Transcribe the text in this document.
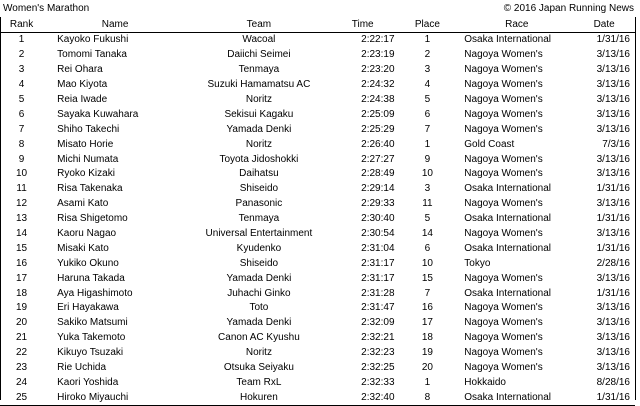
Women's Marathon	© 2016 Japan Running News
Rank	Name	Team	Time	Place	Race	Date
1	Kayoko Fukushi	Wacoal	2:22:17	1	Osaka International	1/31/16
2	Tomomi Tanaka	Daiichi Seimei	2:23:19	2	Nagoya Women's	3/13/16
3	Rei Ohara	Tenmaya	2:23:20	3	Nagoya Women's	3/13/16
4	Mao Kiyota	Suzuki Hamamatsu AC	2:24:32	4	Nagoya Women's	3/13/16
5	Reia Iwade	Noritz	2:24:38	5	Nagoya Women's	3/13/16
6	Sayaka Kuwahara	Sekisui Kagaku	2:25:09	6	Nagoya Women's	3/13/16
7	Shiho Takechi	Yamada Denki	2:25:29	7	Nagoya Women's	3/13/16
8	Misato Horie	Noritz	2:26:40	1	Gold Coast	7/3/16
9	Michi Numata	Toyota Jidoshokki	2:27:27	9	Nagoya Women's	3/13/16
10	Ryoko Kizaki	Daihatsu	2:28:49	10	Nagoya Women's	3/13/16
11	Risa Takenaka	Shiseido	2:29:14	3	Osaka International	1/31/16
12	Asami Kato	Panasonic	2:29:33	11	Nagoya Women's	3/13/16
13	Risa Shigetomo	Tenmaya	2:30:40	5	Osaka International	1/31/16
14	Kaoru Nagao	Universal Entertainment	2:30:54	14	Nagoya Women's	3/13/16
15	Misaki Kato	Kyudenko	2:31:04	6	Osaka International	1/31/16
16	Yukiko Okuno	Shiseido	2:31:17	10	Tokyo	2/28/16
17	Haruna Takada	Yamada Denki	2:31:17	15	Nagoya Women's	3/13/16
18	Aya Higashimoto	Juhachi Ginko	2:31:28	7	Osaka International	1/31/16
19	Eri Hayakawa	Toto	2:31:47	16	Nagoya Women's	3/13/16
20	Sakiko Matsumi	Yamada Denki	2:32:09	17	Nagoya Women's	3/13/16
21	Yuka Takemoto	Canon AC Kyushu	2:32:21	18	Nagoya Women's	3/13/16
22	Kikuyo Tsuzaki	Noritz	2:32:23	19	Nagoya Women's	3/13/16
23	Rie Uchida	Otsuka Seiyaku	2:32:25	20	Nagoya Women's	3/13/16
24	Kaori Yoshida	Team RxL	2:32:33	1	Hokkaido	8/28/16
25	Hiroko Miyauchi	Hokuren	2:32:40	8	Osaka International	1/31/16
